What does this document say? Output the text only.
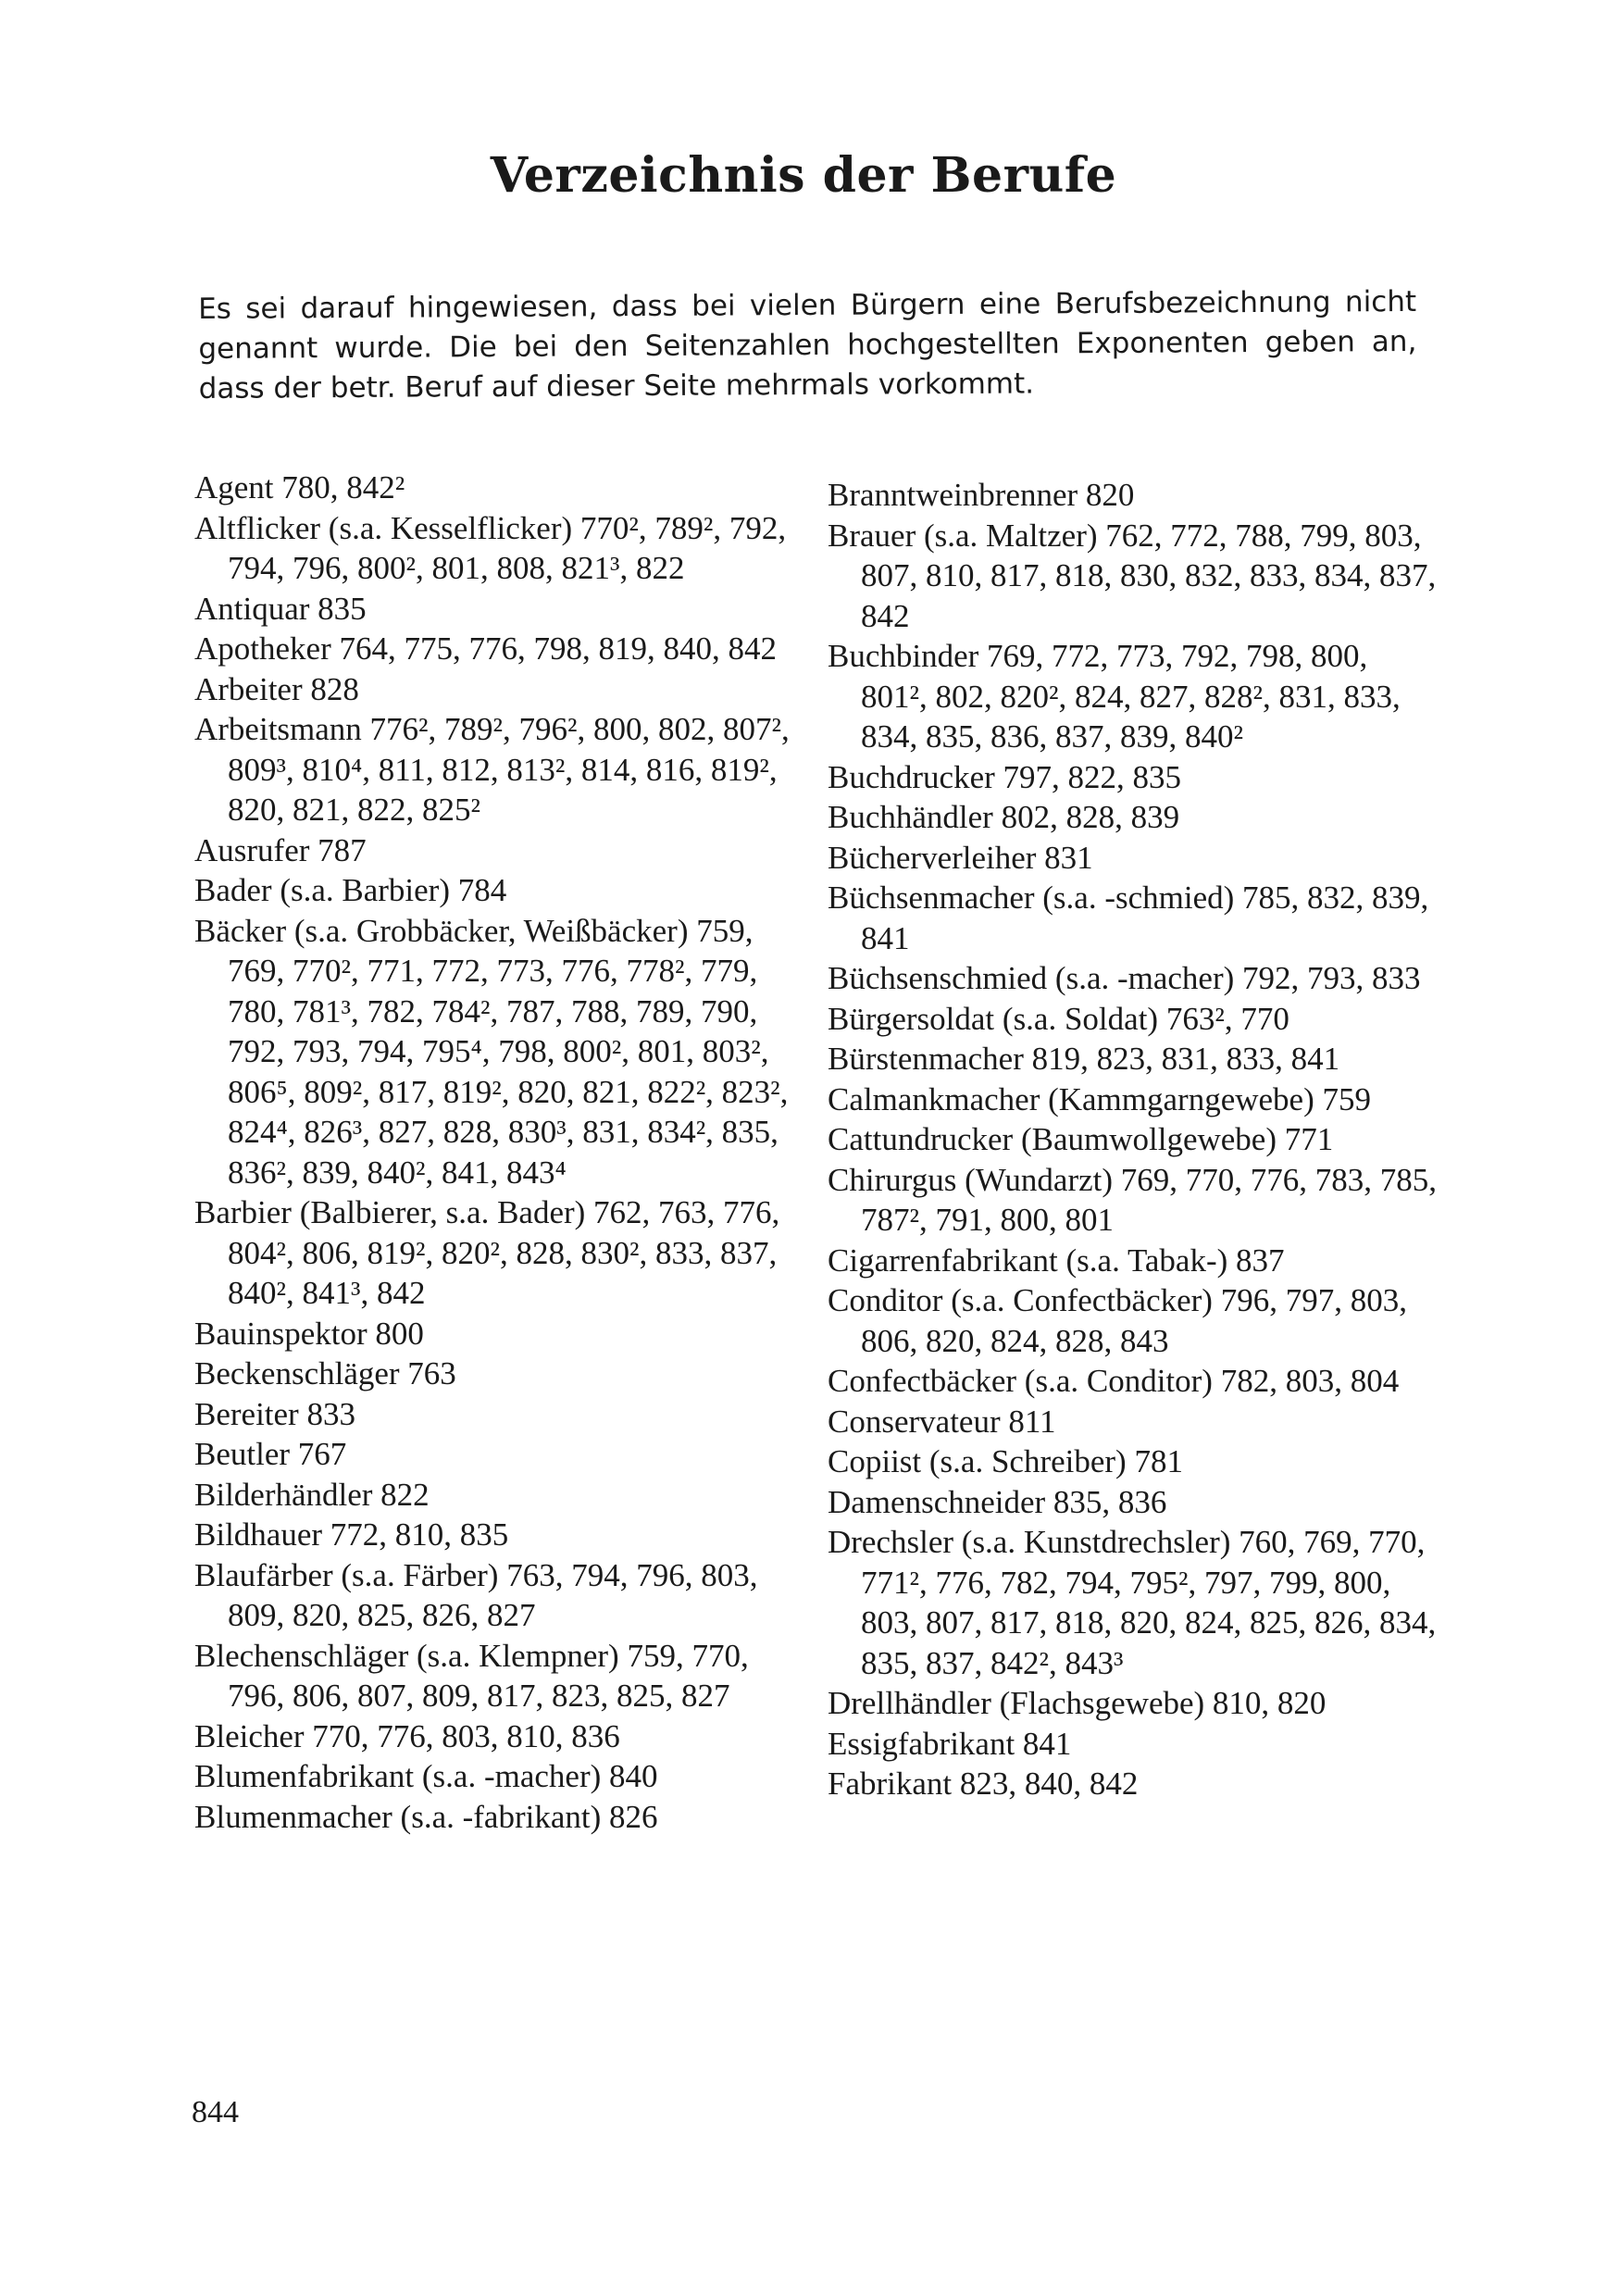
Verzeichnis der Berufe

Es sei darauf hingewiesen, dass bei vielen Bürgern eine Berufsbezeichnung nicht genannt wurde. Die bei den Seitenzahlen hochgestellten Exponenten geben an, dass der betr. Beruf auf dieser Seite mehrmals vorkommt.

Agent 780, 842²

Altflicker (s.a. Kesselflicker) 770², 789², 792, 794, 796, 800², 801, 808, 821³, 822

Antiquar 835

Apotheker 764, 775, 776, 798, 819, 840, 842

Arbeiter 828

Arbeitsmann 776², 789², 796², 800, 802, 807², 809³, 810⁴, 811, 812, 813², 814, 816, 819², 820, 821, 822, 825²

Ausrufer 787

Bader (s.a. Barbier) 784

Bäcker (s.a. Grobbäcker, Weißbäcker) 759, 769, 770², 771, 772, 773, 776, 778², 779, 780, 781³, 782, 784², 787, 788, 789, 790, 792, 793, 794, 795⁴, 798, 800², 801, 803², 806⁵, 809², 817, 819², 820, 821, 822², 823², 824⁴, 826³, 827, 828, 830³, 831, 834², 835, 836², 839, 840², 841, 843⁴

Barbier (Balbierer, s.a. Bader) 762, 763, 776, 804², 806, 819², 820², 828, 830², 833, 837, 840², 841³, 842

Bauinspektor 800

Beckenschläger 763

Bereiter 833

Beutler 767

Bilderhändler 822

Bildhauer 772, 810, 835

Blaufärber (s.a. Färber) 763, 794, 796, 803, 809, 820, 825, 826, 827

Blechenschläger (s.a. Klempner) 759, 770, 796, 806, 807, 809, 817, 823, 825, 827

Bleicher 770, 776, 803, 810, 836

Blumenfabrikant (s.a. -macher) 840

Blumenmacher (s.a. -fabrikant) 826

Branntweinbrenner 820

Brauer (s.a. Maltzer) 762, 772, 788, 799, 803, 807, 810, 817, 818, 830, 832, 833, 834, 837, 842

Buchbinder 769, 772, 773, 792, 798, 800, 801², 802, 820², 824, 827, 828², 831, 833, 834, 835, 836, 837, 839, 840²

Buchdrucker 797, 822, 835

Buchhändler 802, 828, 839

Bücherverleiher 831

Büchsenmacher (s.a. -schmied) 785, 832, 839, 841

Büchsenschmied (s.a. -macher) 792, 793, 833

Bürgersoldat (s.a. Soldat) 763², 770

Bürstenmacher 819, 823, 831, 833, 841

Calmankmacher (Kammgarngewebe) 759

Cattundrucker (Baumwollgewebe) 771

Chirurgus (Wundarzt) 769, 770, 776, 783, 785, 787², 791, 800, 801

Cigarrenfabrikant (s.a. Tabak-) 837

Conditor (s.a. Confectbäcker) 796, 797, 803, 806, 820, 824, 828, 843

Confectbäcker (s.a. Conditor) 782, 803, 804

Conservateur 811

Copiist (s.a. Schreiber) 781

Damenschneider 835, 836

Drechsler (s.a. Kunstdrechsler) 760, 769, 770, 771², 776, 782, 794, 795², 797, 799, 800, 803, 807, 817, 818, 820, 824, 825, 826, 834, 835, 837, 842², 843³

Drellhändler (Flachsgewebe) 810, 820

Essigfabrikant 841

Fabrikant 823, 840, 842

844
